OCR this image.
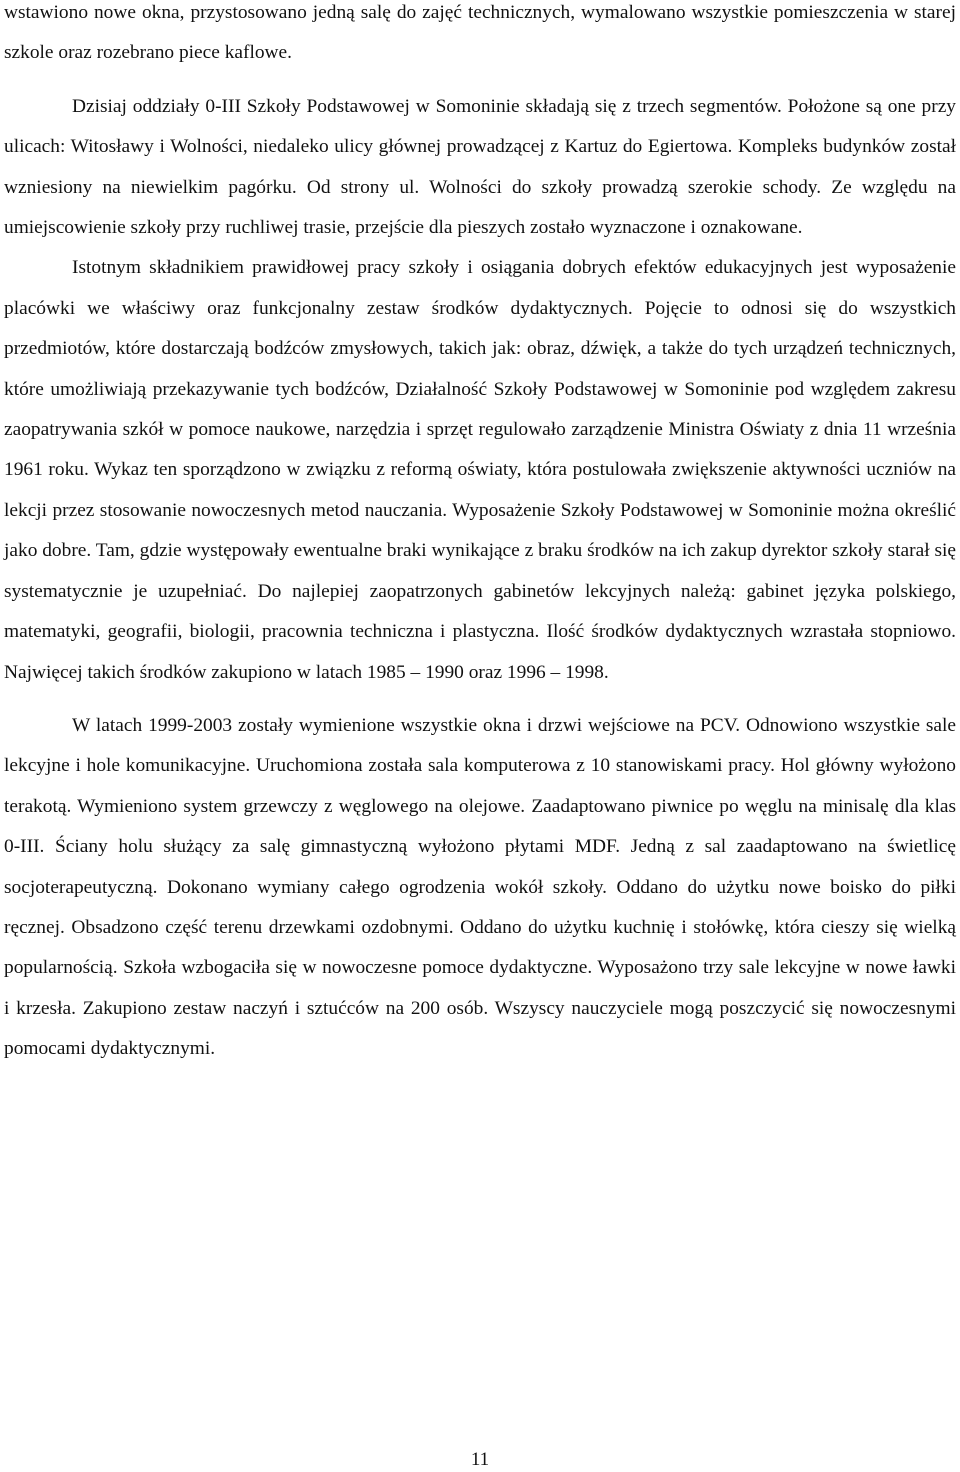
wstawiono nowe okna, przystosowano jedną salę do zajęć technicznych, wymalowano wszystkie pomieszczenia w starej szkole oraz rozebrano piece kaflowe.

Dzisiaj oddziały 0-III Szkoły Podstawowej w Somoninie składają się z trzech segmentów. Położone są one przy ulicach: Witosławy i Wolności, niedaleko ulicy głównej prowadzącej z Kartuz do Egiertowa. Kompleks budynków został wzniesiony na niewielkim pagórku. Od strony ul. Wolności do szkoły prowadzą szerokie schody. Ze względu na umiejscowienie szkoły przy ruchliwej trasie, przejście dla pieszych zostało wyznaczone i oznakowane.

Istotnym składnikiem prawidłowej pracy szkoły i osiągania dobrych efektów edukacyjnych jest wyposażenie placówki we właściwy oraz funkcjonalny zestaw środków dydaktycznych. Pojęcie to odnosi się do wszystkich przedmiotów, które dostarczają bodźców zmysłowych, takich jak: obraz, dźwięk, a także do tych urządzeń technicznych, które umożliwiają przekazywanie tych bodźców, Działalność Szkoły Podstawowej w Somoninie pod względem zakresu zaopatrywania szkół w pomoce naukowe, narzędzia i sprzęt regulowało zarządzenie Ministra Oświaty z dnia 11 września 1961 roku. Wykaz ten sporządzono w związku z reformą oświaty, która postulowała zwiększenie aktywności uczniów na lekcji przez stosowanie nowoczesnych metod nauczania. Wyposażenie Szkoły Podstawowej w Somoninie można określić jako dobre. Tam, gdzie występowały ewentualne braki wynikające z braku środków na ich zakup dyrektor szkoły starał się systematycznie je uzupełniać. Do najlepiej zaopatrzonych gabinetów lekcyjnych należą: gabinet języka polskiego, matematyki, geografii, biologii, pracownia techniczna i plastyczna. Ilość środków dydaktycznych wzrastała stopniowo. Najwięcej takich środków zakupiono w latach 1985 – 1990 oraz 1996 – 1998.

W latach 1999-2003 zostały wymienione wszystkie okna i drzwi wejściowe na PCV. Odnowiono wszystkie sale lekcyjne i hole komunikacyjne. Uruchomiona została sala komputerowa z 10 stanowiskami pracy. Hol główny wyłożono terakotą. Wymieniono system grzewczy z węglowego na olejowe. Zaadaptowano piwnice po węglu na minisalę dla klas 0-III. Ściany holu służący za salę gimnastyczną wyłożono płytami MDF. Jedną z sal zaadaptowano na świetlicę socjoterapeutyczną. Dokonano wymiany całego ogrodzenia wokół szkoły. Oddano do użytku nowe boisko do piłki ręcznej. Obsadzono część terenu drzewkami ozdobnymi. Oddano do użytku kuchnię i stołówkę, która cieszy się wielką popularnością. Szkoła wzbogaciła się w nowoczesne pomoce dydaktyczne. Wyposażono trzy sale lekcyjne w nowe ławki i krzesła. Zakupiono zestaw naczyń i sztućców na 200 osób. Wszyscy nauczyciele mogą poszczycić się nowoczesnymi pomocami dydaktycznymi.

11
